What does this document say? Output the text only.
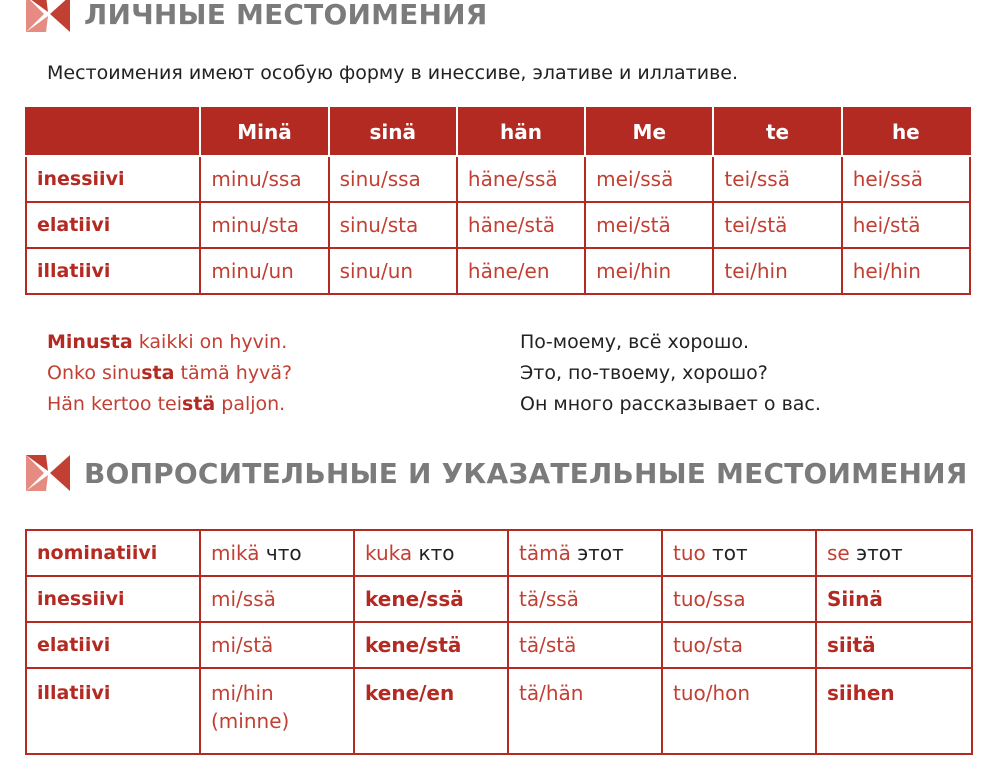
ЛИЧНЫЕ МЕСТОИМЕНИЯ
Местоимения имеют особую форму в инессиве, элативе и иллативе.
	Minä	sinä	hän	Me	te	he
inessiivi	minu/ssa	sinu/ssa	häne/ssä	mei/ssä	tei/ssä	hei/ssä
elatiivi	minu/sta	sinu/sta	häne/stä	mei/stä	tei/stä	hei/stä
illatiivi	minu/un	sinu/un	häne/en	mei/hin	tei/hin	hei/hin
Minusta kaikki on hyvin.
Onko sinusta tämä hyvä?
Hän kertoo teistä paljon.
По-моему, всё хорошо.
Это, по-твоему, хорошо?
Он много рассказывает о вас.
ВОПРОСИТЕЛЬНЫЕ И УКАЗАТЕЛЬНЫЕ МЕСТОИМЕНИЯ
nominatiivi	mikä что	kuka кто	tämä этот	tuo тот	se этот
inessiivi	mi/ssä	kene/ssä	tä/ssä	tuo/ssa	Siinä
elatiivi	mi/stä	kene/stä	tä/stä	tuo/sta	siitä
illatiivi	mi/hin (minne)	kene/en	tä/hän	tuo/hon	siihen
